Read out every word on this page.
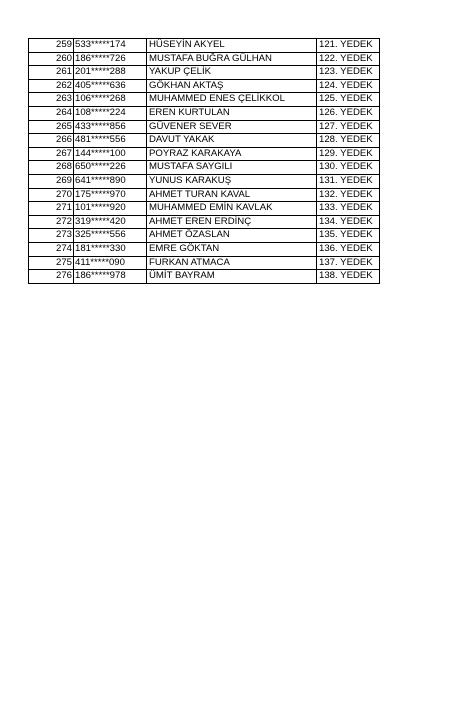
259	533*****174	HÜSEYİN AKYEL	121. YEDEK
260	186*****726	MUSTAFA BUĞRA GÜLHAN	122. YEDEK
261	201*****288	YAKUP ÇELİK	123. YEDEK
262	405*****636	GÖKHAN AKTAŞ	124. YEDEK
263	106*****268	MUHAMMED ENES ÇELİKKOL	125. YEDEK
264	108*****224	EREN KURTULAN	126. YEDEK
265	433*****856	GÜVENER SEVER	127. YEDEK
266	481*****556	DAVUT YAKAK	128. YEDEK
267	144*****100	POYRAZ KARAKAYA	129. YEDEK
268	650*****226	MUSTAFA SAYGILI	130. YEDEK
269	641*****890	YUNUS KARAKUŞ	131. YEDEK
270	175*****970	AHMET TURAN KAVAL	132. YEDEK
271	101*****920	MUHAMMED EMİN KAVLAK	133. YEDEK
272	319*****420	AHMET EREN ERDİNÇ	134. YEDEK
273	325*****556	AHMET ÖZASLAN	135. YEDEK
274	181*****330	EMRE GÖKTAN	136. YEDEK
275	411*****090	FURKAN ATMACA	137. YEDEK
276	186*****978	ÜMİT BAYRAM	138. YEDEK
